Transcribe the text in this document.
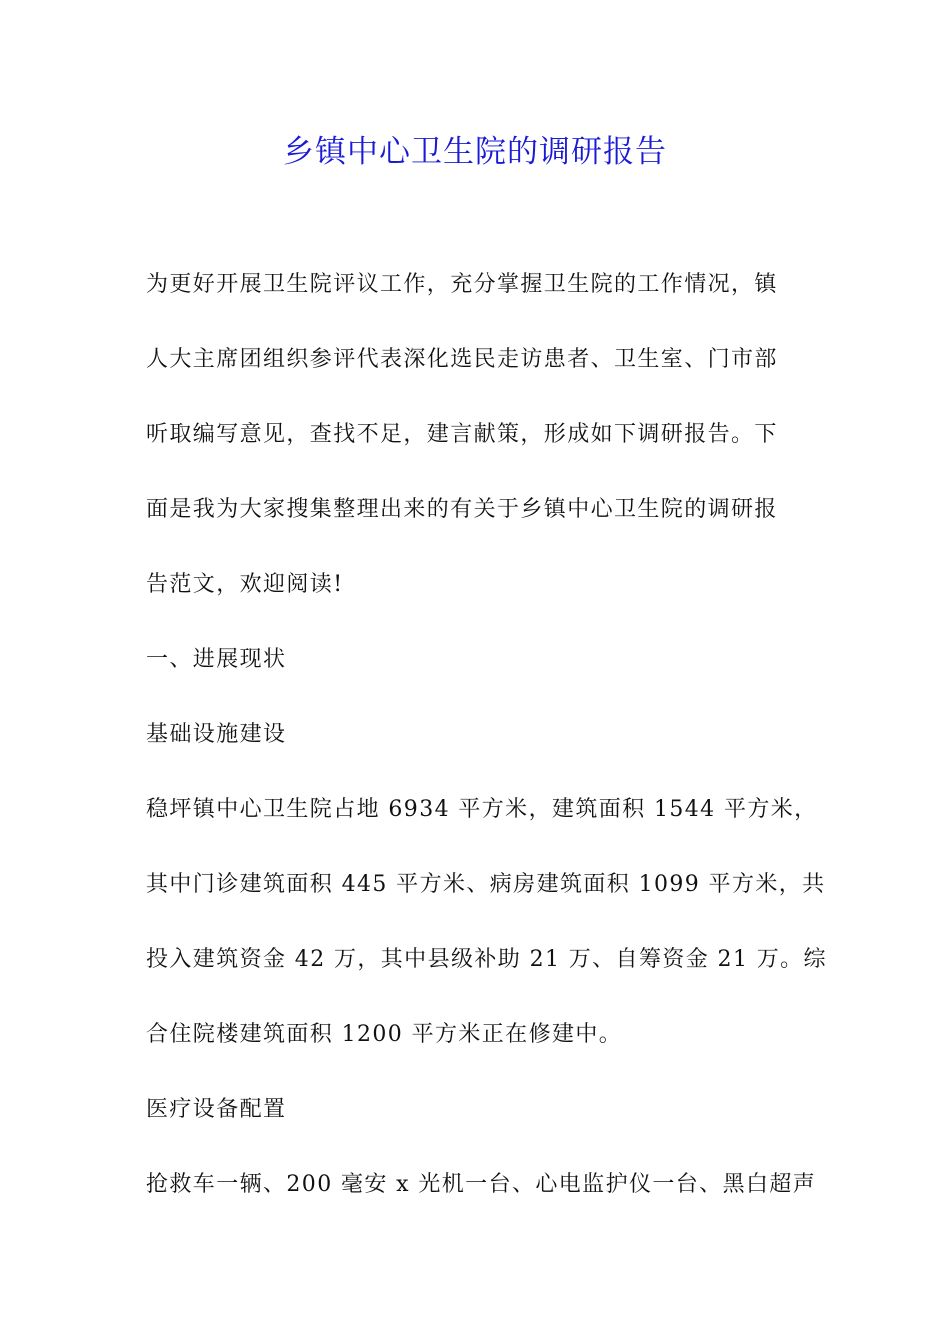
乡镇中心卫生院的调研报告
为更好开展卫生院评议工作，充分掌握卫生院的工作情况，镇
人大主席团组织参评代表深化选民走访患者、卫生室、门市部
听取编写意见，查找不足，建言献策，形成如下调研报告。下
面是我为大家搜集整理出来的有关于乡镇中心卫生院的调研报
告范文，欢迎阅读!
一、进展现状
基础设施建设
稳坪镇中心卫生院占地 6934 平方米，建筑面积 1544 平方米，
其中门诊建筑面积 445 平方米、病房建筑面积 1099 平方米，共
投入建筑资金 42 万，其中县级补助 21 万、自筹资金 21 万。综
合住院楼建筑面积 1200 平方米正在修建中。
医疗设备配置
抢救车一辆、200 毫安 x 光机一台、心电监护仪一台、黑白超声
